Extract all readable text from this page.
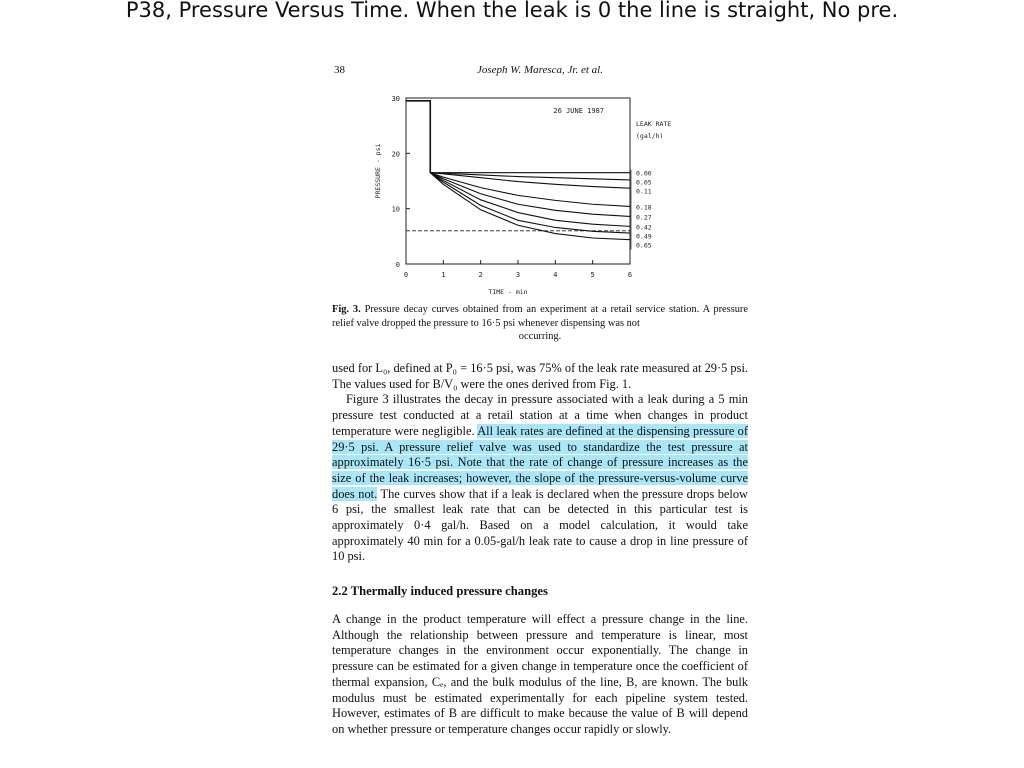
P38, Pressure Versus Time. When the leak is 0 the line is straight, No pre.
38	Joseph W. Maresca, Jr. et al.
0	1	2	3	4	5	6
0
10
20
30
TIME - min
PRESSURE - psi
26 JUNE 1987
LEAK RATE
(gal/h)
0.00
0.05
0.11
0.18
0.27
0.42
0.49
0.65
Fig. 3. Pressure decay curves obtained from an experiment at a retail service station. A pressure relief valve dropped the pressure to 16·5 psi whenever dispensing was not
occurring.
used for L₀, defined at P₀ = 16·5 psi, was 75% of the leak rate measured at 29·5 psi. The values used for B/V₀ were the ones derived from Fig. 1.
Figure 3 illustrates the decay in pressure associated with a leak during a 5 min pressure test conducted at a retail station at a time when changes in product temperature were negligible. All leak rates are defined at the dispensing pressure of 29·5 psi. A pressure relief valve was used to standardize the test pressure at approximately 16·5 psi. Note that the rate of change of pressure increases as the size of the leak increases; however, the slope of the pressure-versus-volume curve does not. The curves show that if a leak is declared when the pressure drops below 6 psi, the smallest leak rate that can be detected in this particular test is approximately 0·4 gal/h. Based on a model calculation, it would take approximately 40 min for a 0.05-gal/h leak rate to cause a drop in line pressure of 10 psi.
2.2 Thermally induced pressure changes
A change in the product temperature will effect a pressure change in the line. Although the relationship between pressure and temperature is linear, most temperature changes in the environment occur exponentially. The change in pressure can be estimated for a given change in temperature once the coefficient of thermal expansion, Cₑ, and the bulk modulus of the line, B, are known. The bulk modulus must be estimated experimentally for each pipeline system tested. However, estimates of B are difficult to make because the value of B will depend on whether pressure or temperature changes occur rapidly or slowly.
